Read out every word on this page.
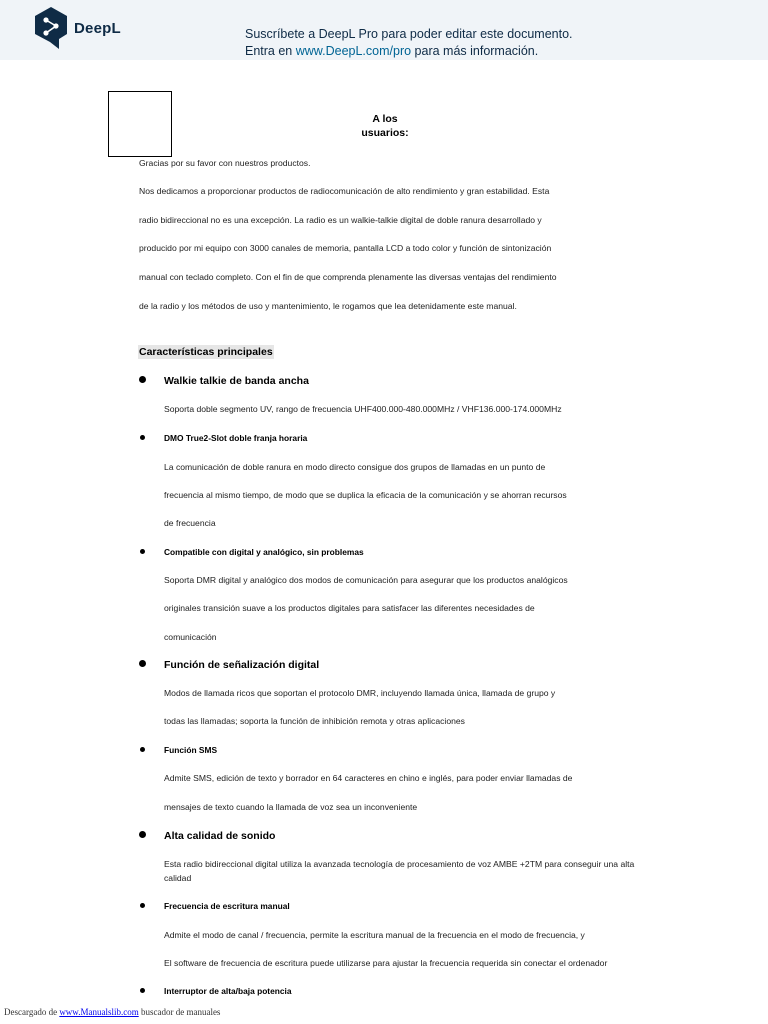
DeepL	Suscríbete a DeepL Pro para poder editar este documento.
Entra en www.DeepL.com/pro para más información.
A los
usuarios:
Gracias por su favor con nuestros productos.
Nos dedicamos a proporcionar productos de radiocomunicación de alto rendimiento y gran estabilidad. Esta
radio bidireccional no es una excepción. La radio es un walkie-talkie digital de doble ranura desarrollado y
producido por mi equipo con 3000 canales de memoria, pantalla LCD a todo color y función de sintonización
manual con teclado completo. Con el fin de que comprenda plenamente las diversas ventajas del rendimiento
de la radio y los métodos de uso y mantenimiento, le rogamos que lea detenidamente este manual.
Características principales
Walkie talkie de banda ancha
Soporta doble segmento UV, rango de frecuencia UHF400.000-480.000MHz / VHF136.000-174.000MHz
DMO True2-Slot doble franja horaria
La comunicación de doble ranura en modo directo consigue dos grupos de llamadas en un punto de
frecuencia al mismo tiempo, de modo que se duplica la eficacia de la comunicación y se ahorran recursos
de frecuencia
Compatible con digital y analógico, sin problemas
Soporta DMR digital y analógico dos modos de comunicación para asegurar que los productos analógicos
originales transición suave a los productos digitales para satisfacer las diferentes necesidades de
comunicación
Función de señalización digital
Modos de llamada ricos que soportan el protocolo DMR, incluyendo llamada única, llamada de grupo y
todas las llamadas; soporta la función de inhibición remota y otras aplicaciones
Función SMS
Admite SMS, edición de texto y borrador en 64 caracteres en chino e inglés, para poder enviar llamadas de
mensajes de texto cuando la llamada de voz sea un inconveniente
Alta calidad de sonido
Esta radio bidireccional digital utiliza la avanzada tecnología de procesamiento de voz AMBE +2TM para conseguir una alta
calidad
Frecuencia de escritura manual
Admite el modo de canal / frecuencia, permite la escritura manual de la frecuencia en el modo de frecuencia, y
El software de frecuencia de escritura puede utilizarse para ajustar la frecuencia requerida sin conectar el ordenador
Interruptor de alta/baja potencia
Descargado de www.Manualslib.com buscador de manuales
